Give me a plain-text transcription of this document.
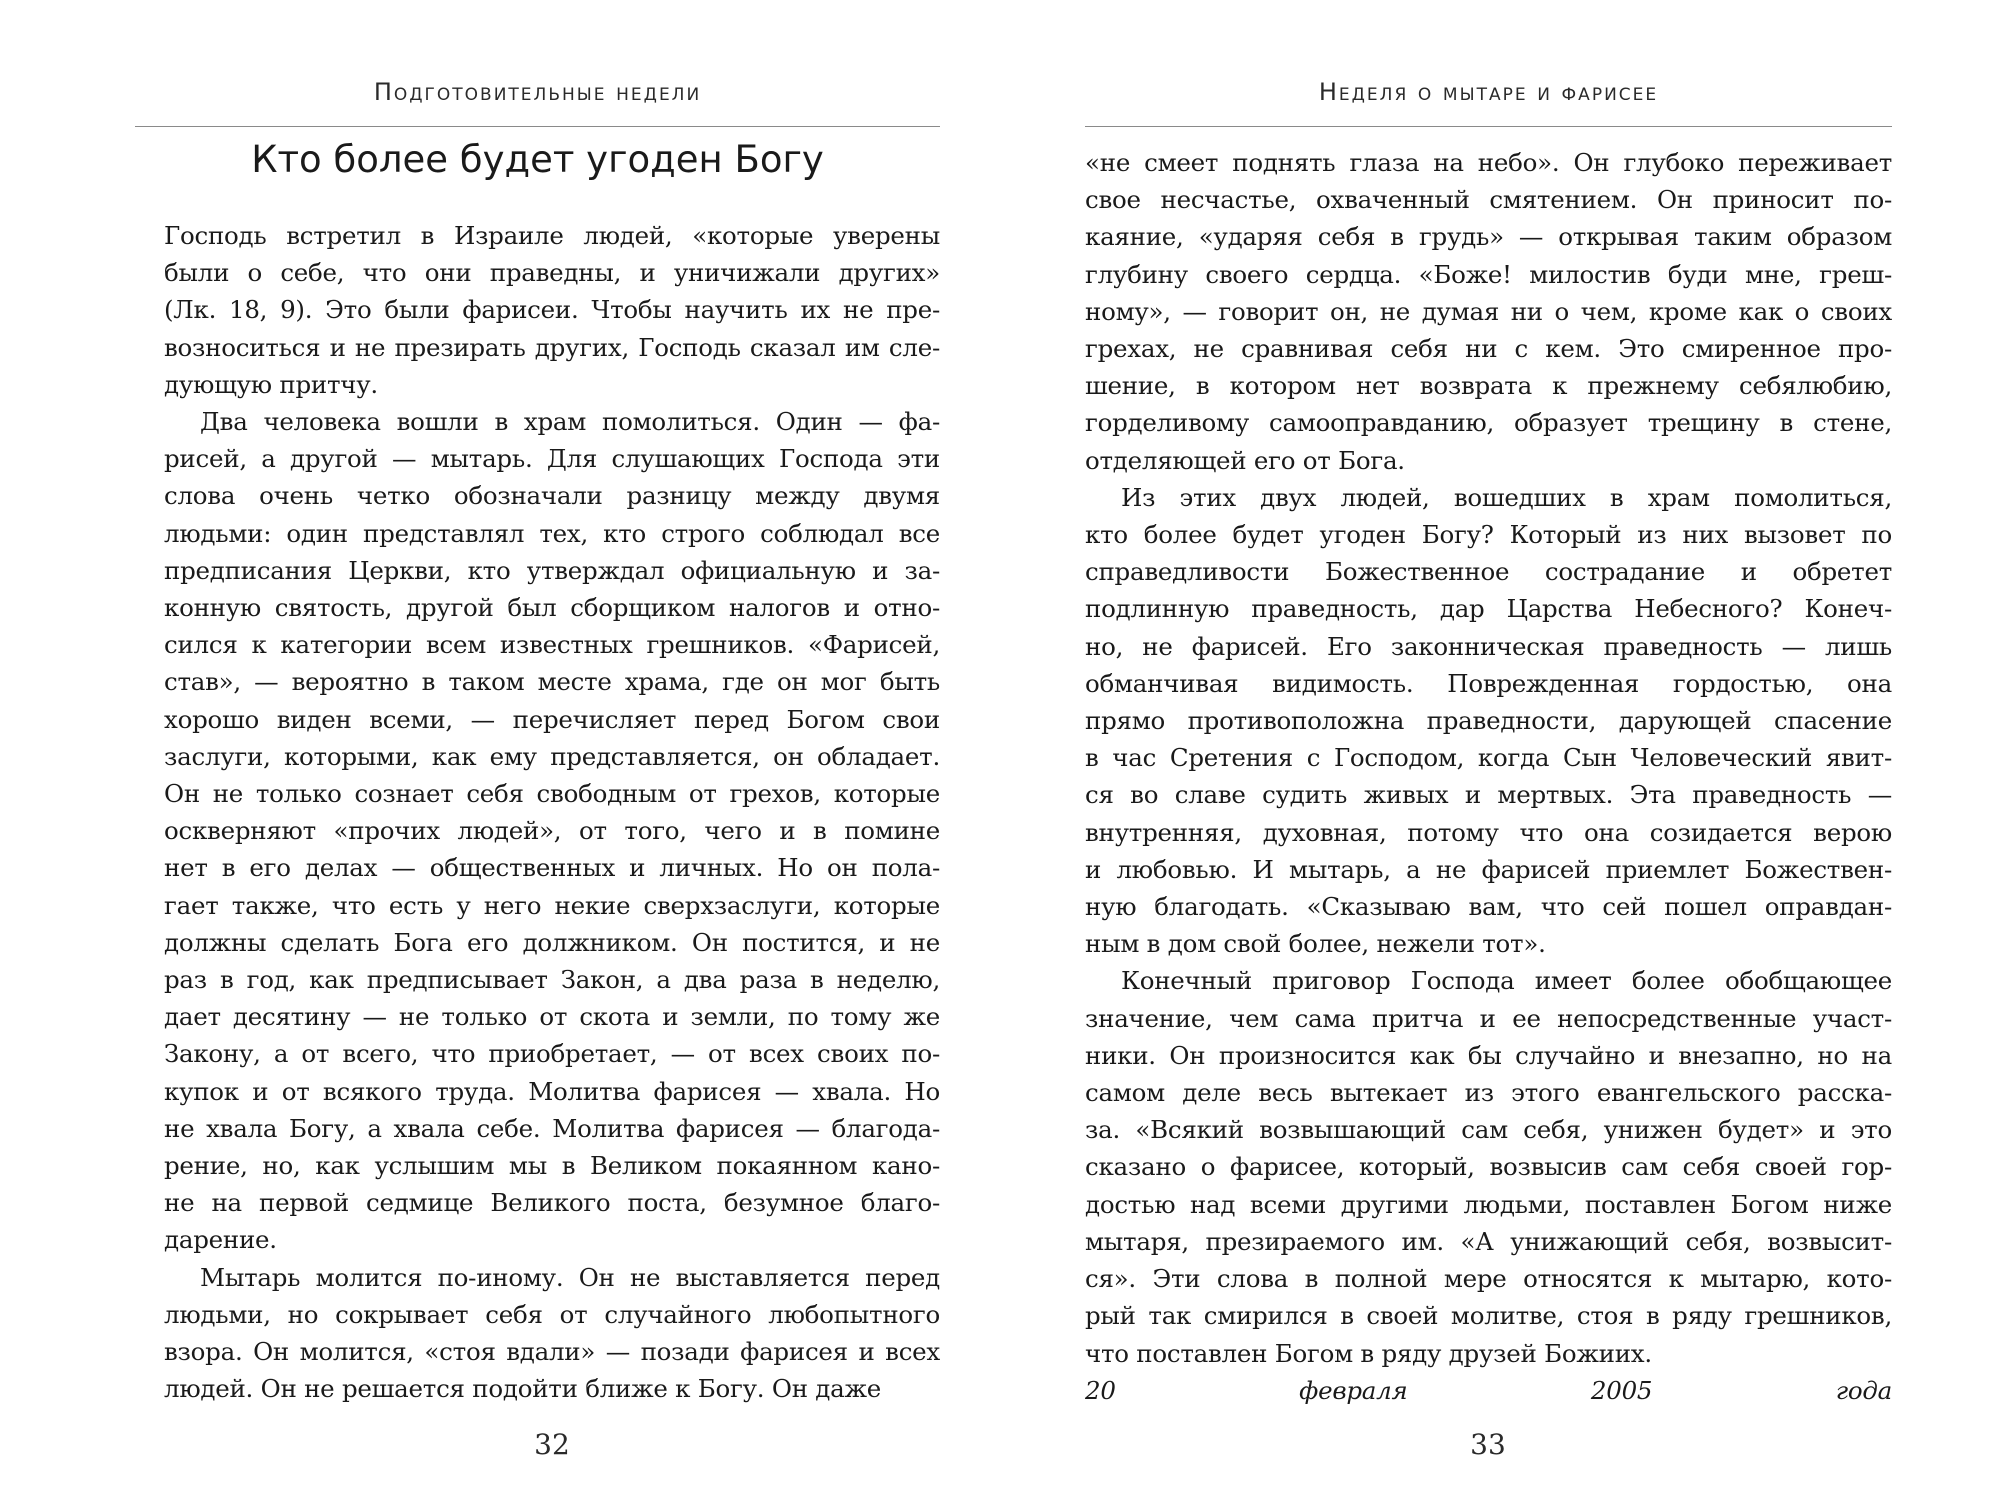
Подготовительные недели
Кто более будет угоден Богу

Господь встретил в Израиле людей, «которые уверены

были о себе, что они праведны, и уничижали других»

(Лк. 18, 9). Это были фарисеи. Чтобы научить их не пре-

возноситься и не презирать других, Господь сказал им сле-

дующую притчу.

Два человека вошли в храм помолиться. Один — фа-

рисей, а другой — мытарь. Для слушающих Господа эти

слова очень четко обозначали разницу между двумя

людьми: один представлял тех, кто строго соблюдал все

предписания Церкви, кто утверждал официальную и за-

конную святость, другой был сборщиком налогов и отно-

сился к категории всем известных грешников. «Фарисей,

став», — вероятно в таком месте храма, где он мог быть

хорошо виден всеми, — перечисляет перед Богом свои

заслуги, которыми, как ему представляется, он обладает.

Он не только сознает себя свободным от грехов, которые

оскверняют «прочих людей», от того, чего и в помине

нет в его делах — общественных и личных. Но он пола-

гает также, что есть у него некие сверхзаслуги, которые

должны сделать Бога его должником. Он постится, и не

раз в год, как предписывает Закон, а два раза в неделю,

дает десятину — не только от скота и земли, по тому же

Закону, а от всего, что приобретает, — от всех своих по-

купок и от всякого труда. Молитва фарисея — хвала. Но

не хвала Богу, а хвала себе. Молитва фарисея — благода-

рение, но, как услышим мы в Великом покаянном кано-

не на первой седмице Великого поста, безумное благо-

дарение.

Мытарь молится по-иному. Он не выставляется перед

людьми, но сокрывает себя от случайного любопытного

взора. Он молится, «стоя вдали» — позади фарисея и всех

людей. Он не решается подойти ближе к Богу. Он даже

32
Неделя о мытаре и фарисее

«не смеет поднять глаза на небо». Он глубоко переживает

свое несчастье, охваченный смятением. Он приносит по-

каяние, «ударяя себя в грудь» — открывая таким образом

глубину своего сердца. «Боже! милостив буди мне, греш-

ному», — говорит он, не думая ни о чем, кроме как о своих

грехах, не сравнивая себя ни с кем. Это смиренное про-

шение, в котором нет возврата к прежнему себялюбию,

горделивому самооправданию, образует трещину в стене,

отделяющей его от Бога.

Из этих двух людей, вошедших в храм помолиться,

кто более будет угоден Богу? Который из них вызовет по

справедливости Божественное сострадание и обретет

подлинную праведность, дар Царства Небесного? Конеч-

но, не фарисей. Его законническая праведность — лишь

обманчивая видимость. Поврежденная гордостью, она

прямо противоположна праведности, дарующей спасение

в час Сретения с Господом, когда Сын Человеческий явит-

ся во славе судить живых и мертвых. Эта праведность —

внутренняя, духовная, потому что она созидается верою

и любовью. И мытарь, а не фарисей приемлет Божествен-

ную благодать. «Сказываю вам, что сей пошел оправдан-

ным в дом свой более, нежели тот».

Конечный приговор Господа имеет более обобщающее

значение, чем сама притча и ее непосредственные участ-

ники. Он произносится как бы случайно и внезапно, но на

самом деле весь вытекает из этого евангельского расска-

за. «Всякий возвышающий сам себя, унижен будет» и это

сказано о фарисее, который, возвысив сам себя своей гор-

достью над всеми другими людьми, поставлен Богом ниже

мытаря, презираемого им. «А унижающий себя, возвысит-

ся». Эти слова в полной мере относятся к мытарю, кото-

рый так смирился в своей молитве, стоя в ряду грешников,

что поставлен Богом в ряду друзей Божиих.

20 февраля 2005 года

33
